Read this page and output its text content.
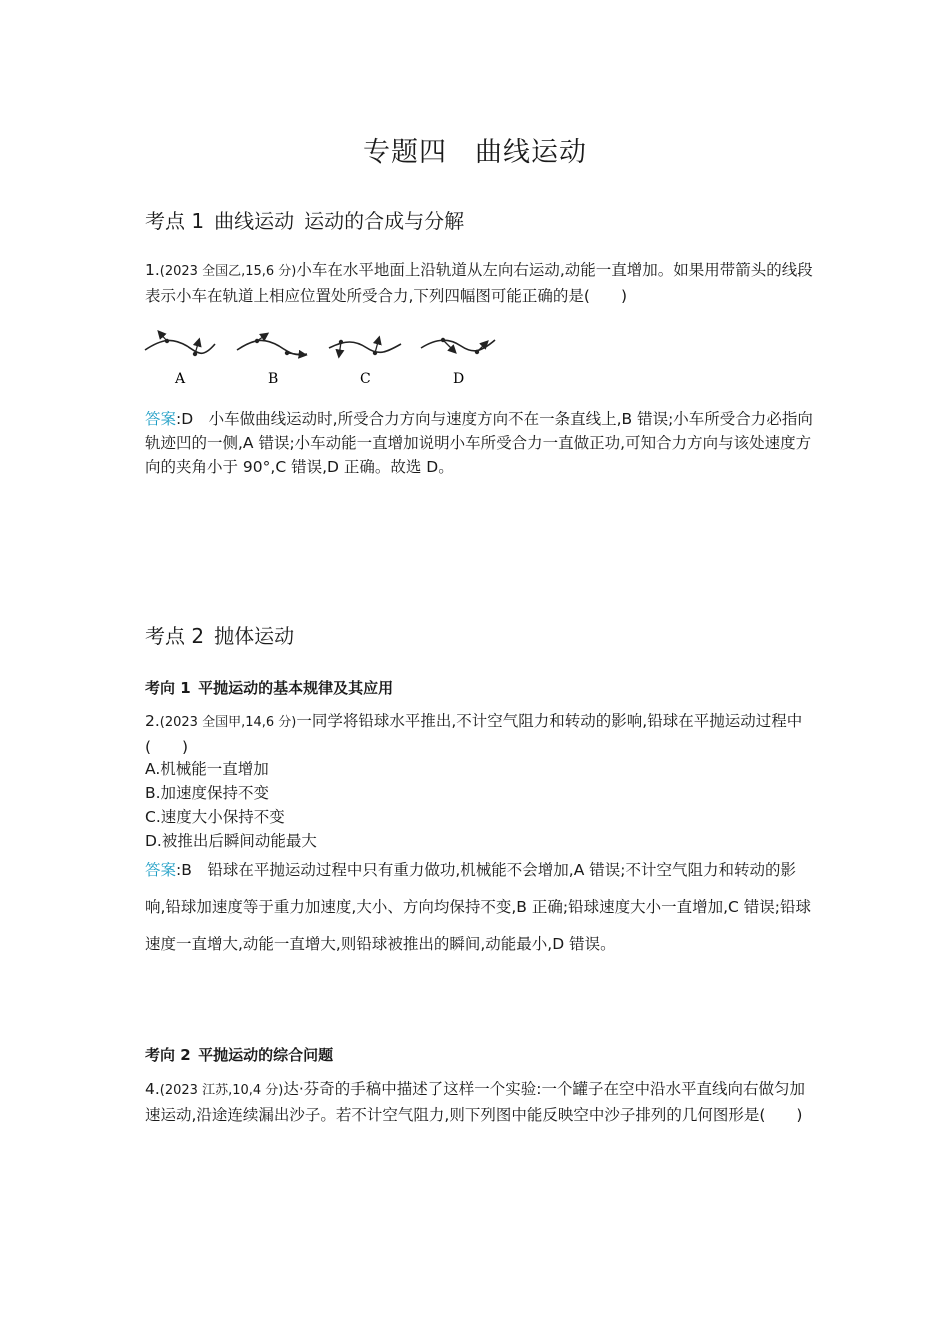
专题四　曲线运动
考点 1 曲线运动 运动的合成与分解
1.(2023 全国乙,15,6 分)小车在水平地面上沿轨道从左向右运动,动能一直增加。如果用带箭头的线段表示小车在轨道上相应位置处所受合力,下列四幅图可能正确的是(　　)
A	B	C	D
答案:D　小车做曲线运动时,所受合力方向与速度方向不在一条直线上,B 错误;小车所受合力必指向轨迹凹的一侧,A 错误;小车动能一直增加说明小车所受合力一直做正功,可知合力方向与该处速度方向的夹角小于 90°,C 错误,D 正确。故选 D。
考点 2 抛体运动
考向 1 平抛运动的基本规律及其应用
2.(2023 全国甲,14,6 分)一同学将铅球水平推出,不计空气阻力和转动的影响,铅球在平抛运动过程中(　　)
A.机械能一直增加
B.加速度保持不变
C.速度大小保持不变
D.被推出后瞬间动能最大
答案:B　铅球在平抛运动过程中只有重力做功,机械能不会增加,A 错误;不计空气阻力和转动的影响,铅球加速度等于重力加速度,大小、方向均保持不变,B 正确;铅球速度大小一直增加,C 错误;铅球速度一直增大,动能一直增大,则铅球被推出的瞬间,动能最小,D 错误。
考向 2 平抛运动的综合问题
4.(2023 江苏,10,4 分)达·芬奇的手稿中描述了这样一个实验:一个罐子在空中沿水平直线向右做匀加速运动,沿途连续漏出沙子。若不计空气阻力,则下列图中能反映空中沙子排列的几何图形是(　　)
